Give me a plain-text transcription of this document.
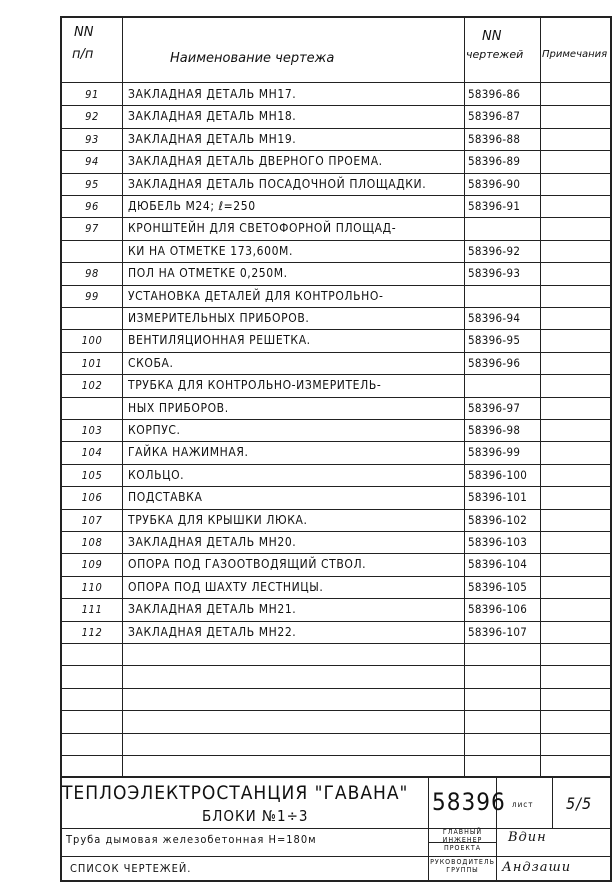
NN
п/п	Наименование чертежа
NN
чертежей Примечания
91	ЗАКЛАДНАЯ ДЕТАЛЬ МН17.	58396-86
92	ЗАКЛАДНАЯ ДЕТАЛЬ МН18.	58396-87
93	ЗАКЛАДНАЯ ДЕТАЛЬ МН19.	58396-88
94	ЗАКЛАДНАЯ ДЕТАЛЬ ДВЕРНОГО ПРОЕМА.	58396-89
95	ЗАКЛАДНАЯ ДЕТАЛЬ ПОСАДОЧНОЙ ПЛОЩАДКИ.	58396-90
96	ДЮБЕЛЬ М24; ℓ=250	58396-91
97	КРОНШТЕЙН ДЛЯ СВЕТОФОРНОЙ ПЛОЩАД-
КИ НА ОТМЕТКЕ 173,600М.	58396-92
98	ПОЛ НА ОТМЕТКЕ 0,250М.	58396-93
99	УСТАНОВКА ДЕТАЛЕЙ ДЛЯ КОНТРОЛЬНО-
ИЗМЕРИТЕЛЬНЫХ ПРИБОРОВ.	58396-94
100	ВЕНТИЛЯЦИОННАЯ РЕШЕТКА.	58396-95
101	СКОБА.	58396-96
102	ТРУБКА ДЛЯ КОНТРОЛЬНО-ИЗМЕРИТЕЛЬ-
НЫХ ПРИБОРОВ.	58396-97
103	КОРПУС.	58396-98
104	ГАЙКА НАЖИМНАЯ.	58396-99
105	КОЛЬЦО.	58396-100
106	ПОДСТАВКА	58396-101
107	ТРУБКА ДЛЯ КРЫШКИ ЛЮКА.	58396-102
108	ЗАКЛАДНАЯ ДЕТАЛЬ МН20.	58396-103
109	ОПОРА ПОД ГАЗООТВОДЯЩИЙ СТВОЛ.	58396-104
110	ОПОРА ПОД ШАХТУ ЛЕСТНИЦЫ.	58396-105
111	ЗАКЛАДНАЯ ДЕТАЛЬ МН21.	58396-106
112	ЗАКЛАДНАЯ ДЕТАЛЬ МН22.	58396-107
ТЕПЛОЭЛЕКТРОСТАНЦИЯ "ГАВАНА"
БЛОКИ №1÷3
Труба дымовая железобетонная Н=180м
СПИСОК ЧЕРТЕЖЕЙ.
58396 лист 5/5
ГЛАВНЫЙ ИНЖЕНЕР ПРОЕКТА
РУКОВОДИТЕЛЬ ГРУППЫ
Вдин
Андзаши
